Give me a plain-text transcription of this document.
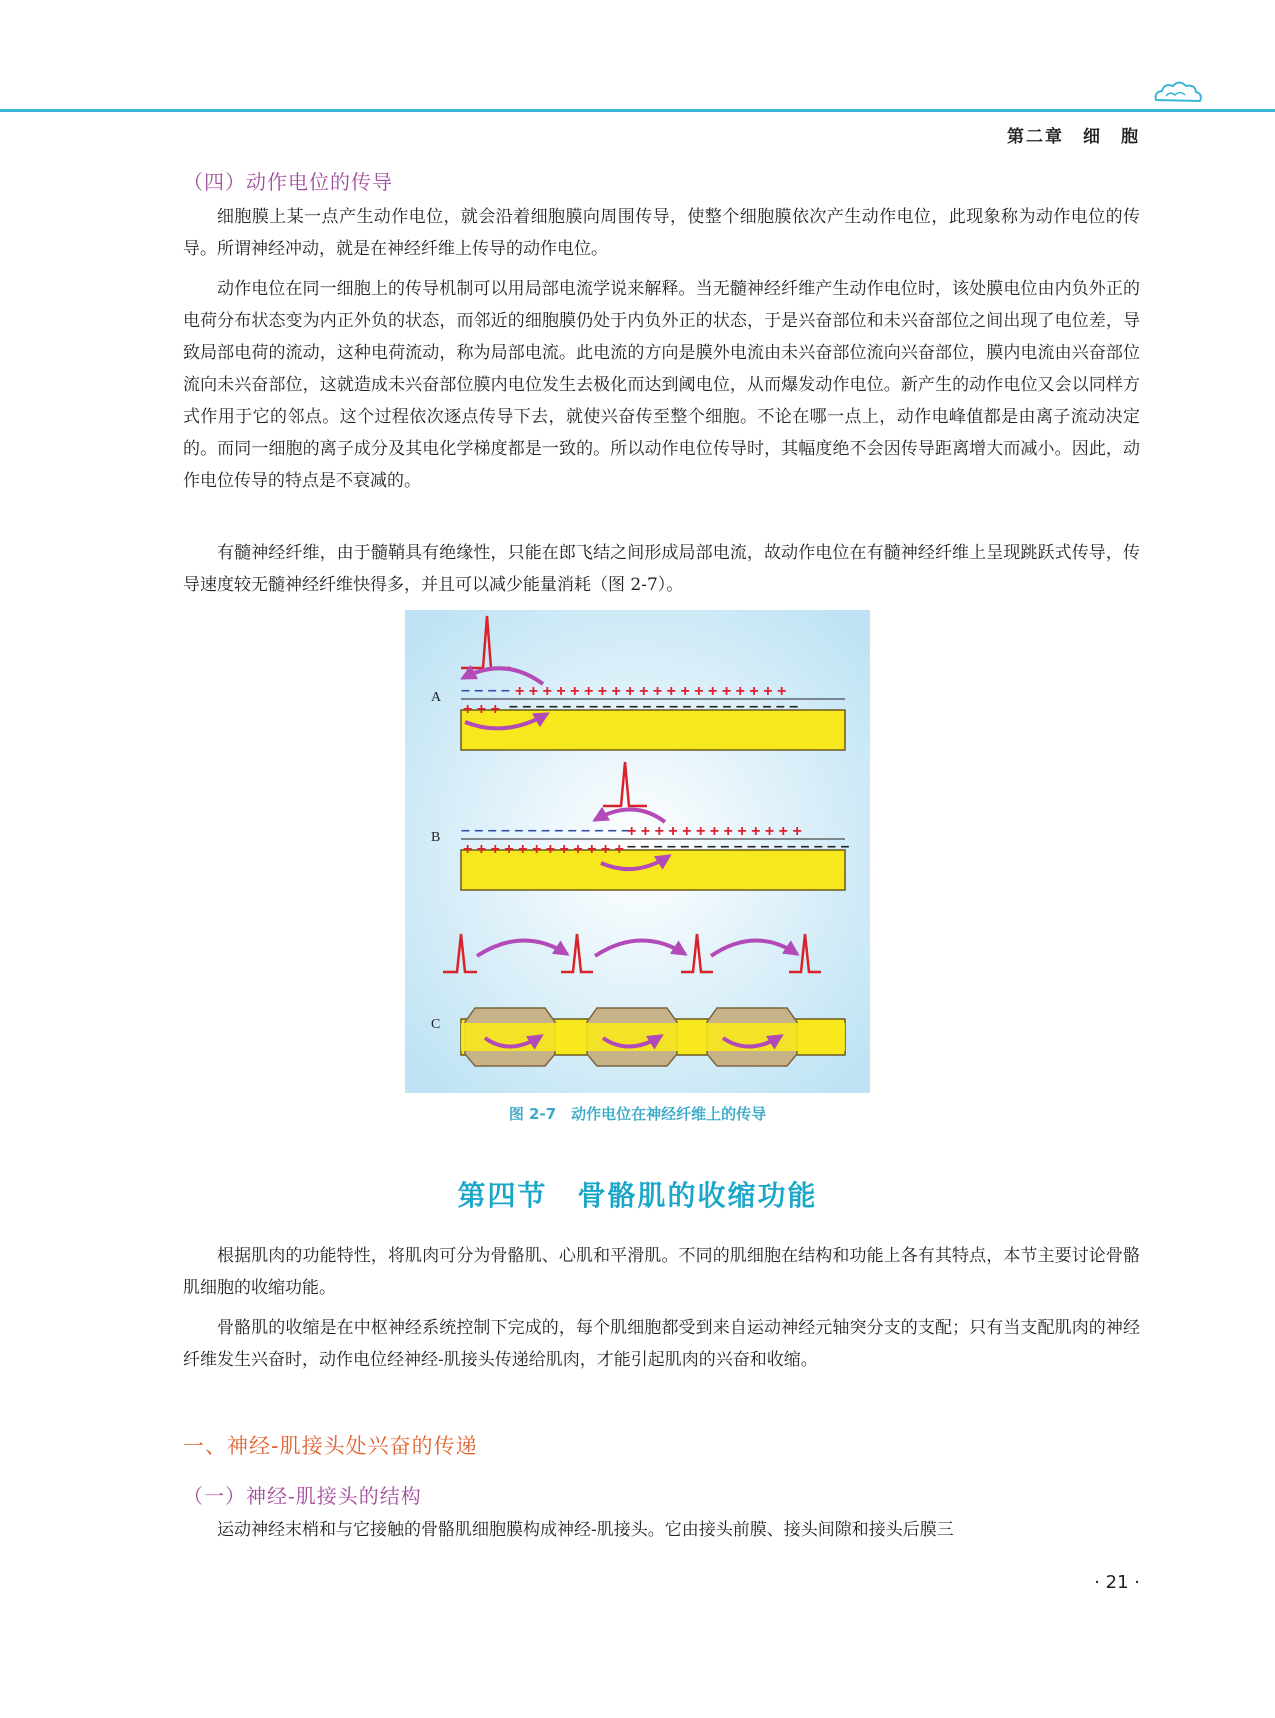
第二章　细　胞
（四）动作电位的传导

细胞膜上某一点产生动作电位，就会沿着细胞膜向周围传导，使整个细胞膜依次产生动作电位，此现象称为动作电位的传导。所谓神经冲动，就是在神经纤维上传导的动作电位。

动作电位在同一细胞上的传导机制可以用局部电流学说来解释。当无髓神经纤维产生动作电位时，该处膜电位由内负外正的电荷分布状态变为内正外负的状态，而邻近的细胞膜仍处于内负外正的状态，于是兴奋部位和未兴奋部位之间出现了电位差，导致局部电荷的流动，这种电荷流动，称为局部电流。此电流的方向是膜外电流由未兴奋部位流向兴奋部位，膜内电流由兴奋部位流向未兴奋部位，这就造成未兴奋部位膜内电位发生去极化而达到阈电位，从而爆发动作电位。新产生的动作电位又会以同样方式作用于它的邻点。这个过程依次逐点传导下去，就使兴奋传至整个细胞。不论在哪一点上，动作电峰值都是由离子流动决定的。而同一细胞的离子成分及其电化学梯度都是一致的。所以动作电位传导时，其幅度绝不会因传导距离增大而减小。因此，动作电位传导的特点是不衰减的。

有髓神经纤维，由于髓鞘具有绝缘性，只能在郎飞结之间形成局部电流，故动作电位在有髓神经纤维上呈现跳跃式传导，传导速度较无髓神经纤维快得多，并且可以减少能量消耗（图 2-7）。

A – – – – + + + + + + + + + + + + + + + + + + + +
+ + + – – – – – – – – – – – – – – – – – – – – – –
B – – – – – – – – – – – – –
+ + + + + + + + + + + + +
+ + + + + + + + + + + + – – – – – – – – – – – – – – – – –
C
图 2-7　动作电位在神经纤维上的传导
第四节　骨骼肌的收缩功能

根据肌肉的功能特性，将肌肉可分为骨骼肌、心肌和平滑肌。不同的肌细胞在结构和功能上各有其特点，本节主要讨论骨骼肌细胞的收缩功能。

骨骼肌的收缩是在中枢神经系统控制下完成的，每个肌细胞都受到来自运动神经元轴突分支的支配；只有当支配肌肉的神经纤维发生兴奋时，动作电位经神经-肌接头传递给肌肉，才能引起肌肉的兴奋和收缩。

一、神经-肌接头处兴奋的传递
（一）神经-肌接头的结构

运动神经末梢和与它接触的骨骼肌细胞膜构成神经-肌接头。它由接头前膜、接头间隙和接头后膜三

· 21 ·
